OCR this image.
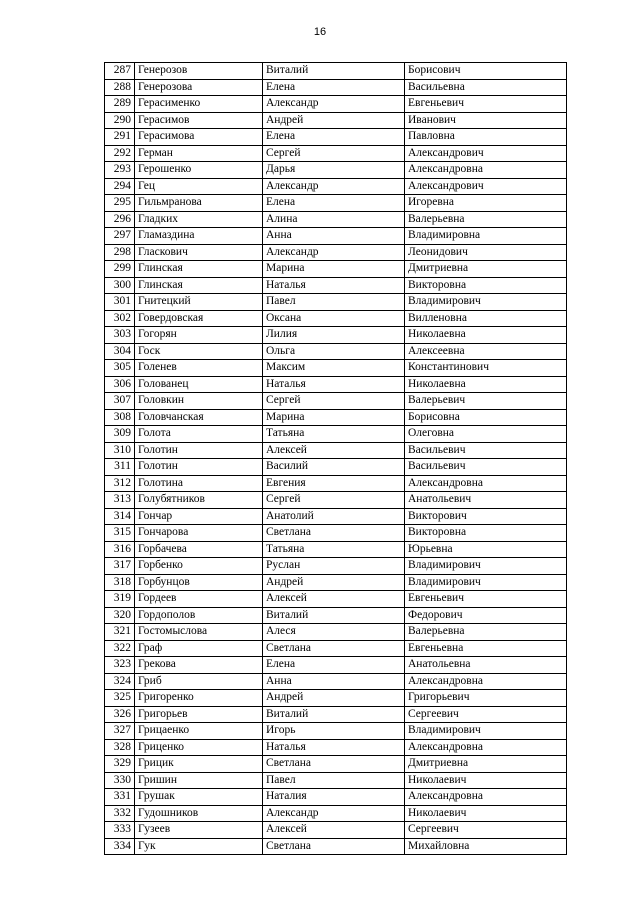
16
287	Генерозов	Виталий	Борисович
288	Генерозова	Елена	Васильевна
289	Герасименко	Александр	Евгеньевич
290	Герасимов	Андрей	Иванович
291	Герасимова	Елена	Павловна
292	Герман	Сергей	Александрович
293	Герошенко	Дарья	Александровна
294	Гец	Александр	Александрович
295	Гильмранова	Елена	Игоревна
296	Гладких	Алина	Валерьевна
297	Гламаздина	Анна	Владимировна
298	Гласкович	Александр	Леонидович
299	Глинская	Марина	Дмитриевна
300	Глинская	Наталья	Викторовна
301	Гнитецкий	Павел	Владимирович
302	Говердовская	Оксана	Вилленовна
303	Гогорян	Лилия	Николаевна
304	Госк	Ольга	Алексеевна
305	Голенев	Максим	Константинович
306	Голованец	Наталья	Николаевна
307	Головкин	Сергей	Валерьевич
308	Головчанская	Марина	Борисовна
309	Голота	Татьяна	Олеговна
310	Голотин	Алексей	Васильевич
311	Голотин	Василий	Васильевич
312	Голотина	Евгения	Александровна
313	Голубятников	Сергей	Анатольевич
314	Гончар	Анатолий	Викторович
315	Гончарова	Светлана	Викторовна
316	Горбачева	Татьяна	Юрьевна
317	Горбенко	Руслан	Владимирович
318	Горбунцов	Андрей	Владимирович
319	Гордеев	Алексей	Евгеньевич
320	Гордополов	Виталий	Федорович
321	Гостомыслова	Алеся	Валерьевна
322	Граф	Светлана	Евгеньевна
323	Грекова	Елена	Анатольевна
324	Гриб	Анна	Александровна
325	Григоренко	Андрей	Григорьевич
326	Григорьев	Виталий	Сергеевич
327	Грицаенко	Игорь	Владимирович
328	Гриценко	Наталья	Александровна
329	Грицик	Светлана	Дмитриевна
330	Гришин	Павел	Николаевич
331	Грушак	Наталия	Александровна
332	Гудошников	Александр	Николаевич
333	Гузеев	Алексей	Сергеевич
334	Гук	Светлана	Михайловна
